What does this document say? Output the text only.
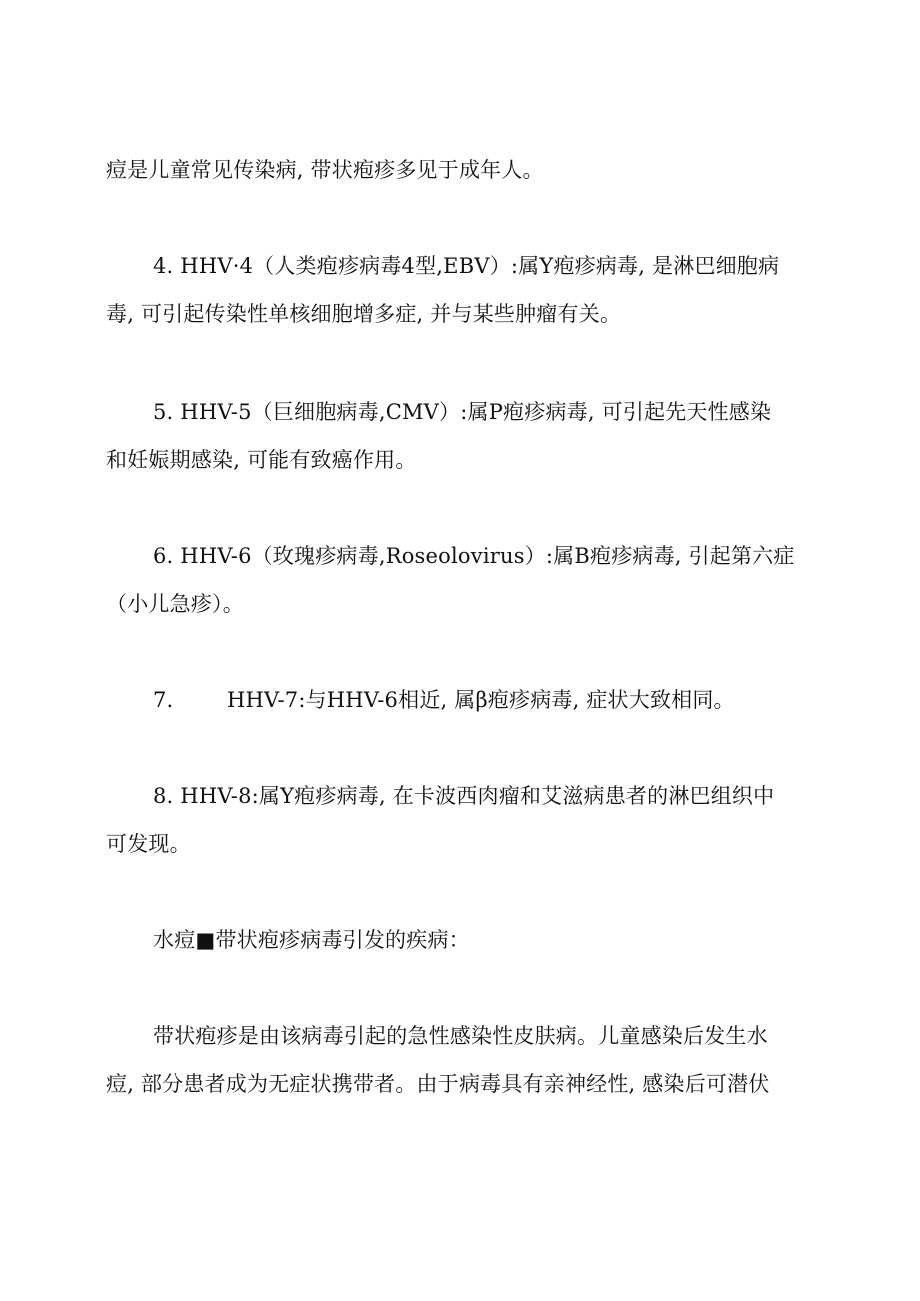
痘是儿童常见传染病, 带状疱疹多见于成年人。
4. HHV·4（人类疱疹病毒4型,EBV）:属Y疱疹病毒, 是淋巴细胞病
毒, 可引起传染性单核细胞增多症, 并与某些肿瘤有关。
5. HHV-5（巨细胞病毒,CMV）:属P疱疹病毒, 可引起先天性感染
和妊娠期感染, 可能有致癌作用。
6. HHV-6（玫瑰疹病毒,Roseolovirus）:属B疱疹病毒, 引起第六症
（小儿急疹）。
7.	HHV-7:与HHV-6相近, 属β疱疹病毒, 症状大致相同。
8. HHV-8:属Y疱疹病毒, 在卡波西肉瘤和艾滋病患者的淋巴组织中
可发现。
水痘■带状疱疹病毒引发的疾病：
带状疱疹是由该病毒引起的急性感染性皮肤病。儿童感染后发生水
痘, 部分患者成为无症状携带者。由于病毒具有亲神经性, 感染后可潜伏
